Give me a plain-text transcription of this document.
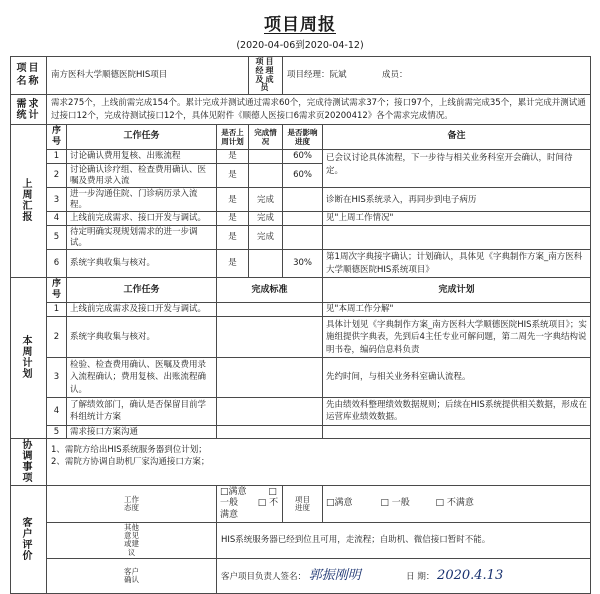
项目周报
(2020-04-06到2020-04-12)
项目名称	南方医科大学顺德医院HIS项目			项目经理及成员	项目经理：阮斌 成员：	

需求
统计	需求275个，上线前需完成154个。累计完成并测试通过需求60个，完成待测试需求37个；接口97个，上线前需完成35个，累计完成并测试通过接口12个，完成待测试接口12个，具体见附件《顺德人医接口6需求页20200412》各个需求完成情况。					

上
周
汇
报	序号	工作任务	是否上周计划	完成情况	是否影响进度	备注
	1	讨论确认费用复核、出账流程	是		60%	已会议讨论具体流程，下一步待与相关业务科室开会确认，时间待定。
	2	讨论确认诊疗组、检查费用确认、医嘱及费用录入流	是		60%	
	3	进一步沟通住院、门诊病历录入流程。	是	完成		诊断在HIS系统录入，再同步到电子病历
	4	上线前完成需求、接口开发与调试。	是	完成		见"上周工作情况"
	5	待定明确实现规划需求的进一步调试。	是	完成		
	6	系统字典收集与核对。	是		30%	第1周次字典接字确认；计划确认，具体见《字典制作方案_南方医科大学顺德医院HIS系统项目》

本
周
计
划	序号	工作任务	完成标准			完成计划
	1	上线前完成需求及接口开发与调试。				见"本周工作分解"
	2	系统字典收集与核对。				具体计划见《字典制作方案_南方医科大学顺德医院HIS系统项目》；实施组提供字典表，先到后4主任专业可解问题，第二周先一字典结构说明书卷，编码信息料负责
	3	检验、检查费用确认、医嘱及费用录入流程确认；费用复核、出账流程确认。				先约时间，与相关业务科室确认流程。
	4	了解绩效部门，确认是否保留目前学科组统计方案				先由绩效科整理绩效数据规则；后续在HIS系统提供相关数据，形成在运营库业绩效数据。
	5	需求接口方案沟通				

协
调
事
项

1、需院方给出HIS系统服务器到位计划；
2、需院方协调自助机厂家沟通接口方案；

客
户
评
价	工作
态度		□满意 □ 一般 □ 不满意		项目
进度	□满意 □ 一般 □ 不满意

	其他
意见
或建
议		HIS系统服务器已经到位且可用，走流程；自助机、微信接口暂时不能。			

	客户
确认		客户项目负责人签名： 郭振刚明 日 期： 2020.4.13			
